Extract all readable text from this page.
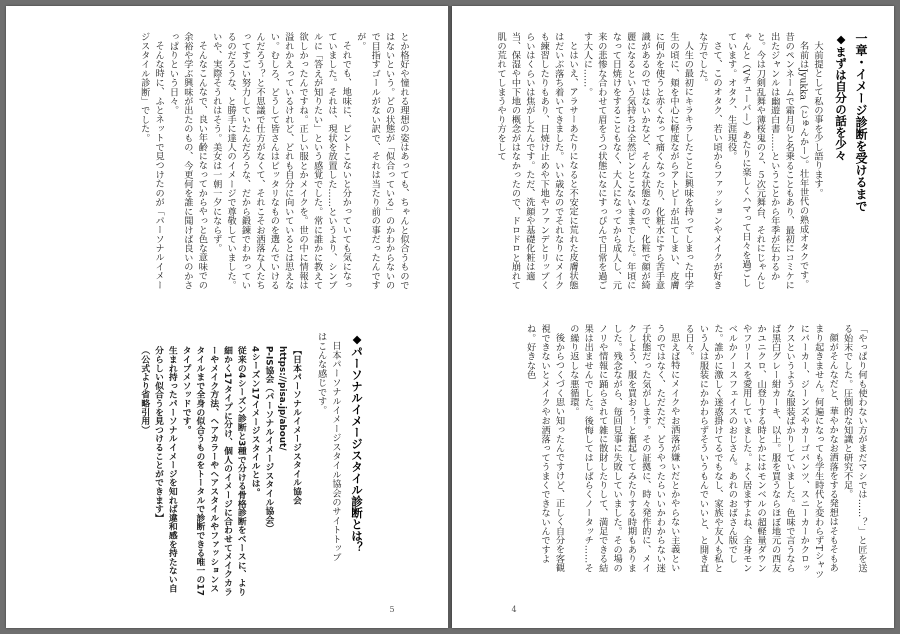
とか格好や憧れる理想の姿はあっても、ちゃんと似合うものではないという。どの状態が「似合っている」のかわからないので目指すゴールがない訳で、それは当たり前の事だったんですが。

それでも、地味に、ピントこないと分かっていても気になっていました。それは、現状を放置した……というより、シンプルに「答えが知りたい」という感覚でした。常に誰かに教えて欲しかったんですね。正しい服とかメイクを。世の中に情報は溢れかえっているけれど、どれも自分に向いているとは思えない。むしろ、どうして皆さんはピッタリなものを選んでいけるんだろう？と不思議で仕方がなくて、それこそお洒落な人たちってすごい努力していたんだろうな、だから鍛錬でわかっているのだろうな、と勝手に達人のイメージで尊敬していました。いや、実際そうれはそう。美女は一朝一夕にならず。

そんなこんなで、良い年齢になってからやっと色な意味での余裕や学ぶ興味が出たのもの、今更何を誰に聞けば良いのかさっぱりという日々。

そんな時に、ふとネットで見つけたのが「パーソナルイメージスタイル診断」でした。

◆パーソナルイメージスタイル診断とは？

日本パーソナルイメージスタイル協会のサイトトップはこんな感じです。

【日本パーソナルイメージスタイル協会

https://pisa.jp/about/

P-IS協会（パーソナルイメージスタイル協会）

4シーズン17イメージスタイルとは。

従来の4シーズン診断と3種で分ける骨格診断をベースに、より細かく17タイプに分け、個人のイメージに合わせてメイクカラーやメイク方法、ヘアカラーやヘアスタイルやファッションスタイルまで全身の似合うものをトータルで診断できる唯一の17タイプメソッドです。

生まれ持ったパーソナルイメージを知れば違和感を持たない自分らしい似合うを見つけることができます】

（公式より省略引用）

5
一章・イメージ診断を受けるまで
◆まずは自分の話を少々

大前提として私の事を少し語ります。

名前はJyukka（じゅんかー）。壮年世代の熟成オタクです。昔のペンネームで霜月句と名乗ることもあり、最初にコミケに出たジャンルは幽遊白書……ということから年季が伝わるかと。今は刀剣乱舞や薄桜鬼の２、５次元舞台、それにじゃんじゃんと（Vチューバー）あたりに楽しくハマって日々を過ごしています。オタク、生涯現役。

さて、このオタク、若い頃からファッションやメイクが好きな方でした。

人生の最初にキラキラしたことに興味を持ってしまった中学生の頃に、頬を中心に軽度ながらアトピーが出てしまい、皮膚に何かを使うと赤くなって痛くなったり、化粧水にすら苦手意識があるのではないかなど、そんな状態なので、化粧で顔が綺麗になるという気持ちは全然ピンとこないままでした。年頃になって日焼けをすることもなく、大人になってから成人し、元来の悲惨な合わせて眉をうつ状態になにすっぴんで日常を過ごす大人に……。

とはいえ、アラサーあたりになると不安定に荒れた皮膚状態はだいぶ落ち着いてきました。いい歳なのでそれなりにメイクも練習したりもあり、日焼け止めや下地やファンデとリップくらいはくらいは焦がしたんです。ただ、洗顔や基礎化粧は適当、保湿や中下地の概念がはなかったので、ドロドロと崩れて肌の荒れてしまうやり方をして

「やっぱり何も使わない方がまだマシでは……？」と匠を送る始末でした。圧倒的な知識と研究不足。

顔がそんなだと、華やかなお洒落をする発想はそもそもあまり起きません。何遍になっても学生時代と変わらずTシャツにパーカー、ジーンズやカーゴパンツ、スニーカーかクロックスというような服装ばかりしていました。色味で言うならば黒白グレー紺カーキ、以上。服を買うならほぼ地元の西友かユニクロ、山登りする時とかにはモンベルの超軽量ダウンやフリースを愛用していました。よく居ますよね、全身モンベルかノースフェイスのおじさん。あれのおばさん版でした。誰かに激しく迷惑掛けてるでもなし、家族や友人も私という人は服装にかかわらずそういうもんでいいと、と開き直る日々。

思えば特にメイクやお洒落が嫌いだとかやらない主義というのではなく、ただただ、どうやったらいいかわからない迷子状態だった気がします。その証拠に、時々発作的に、メイクしよう、服を買おう！と奮起してみたりする時期もありました。残念ながら、毎回見事に失敗していました。その場のノリや情報に踊らされて雑に散財したりして、満足できる結果は出ませんでした。後悔してはしばらくノータッチ……その繰り返しな悪循環。

後からつくづく思い知ったんですけど、正しく自分を客観視できないとメイクやお洒落ってうまくできないんですよね。好きな色

4
